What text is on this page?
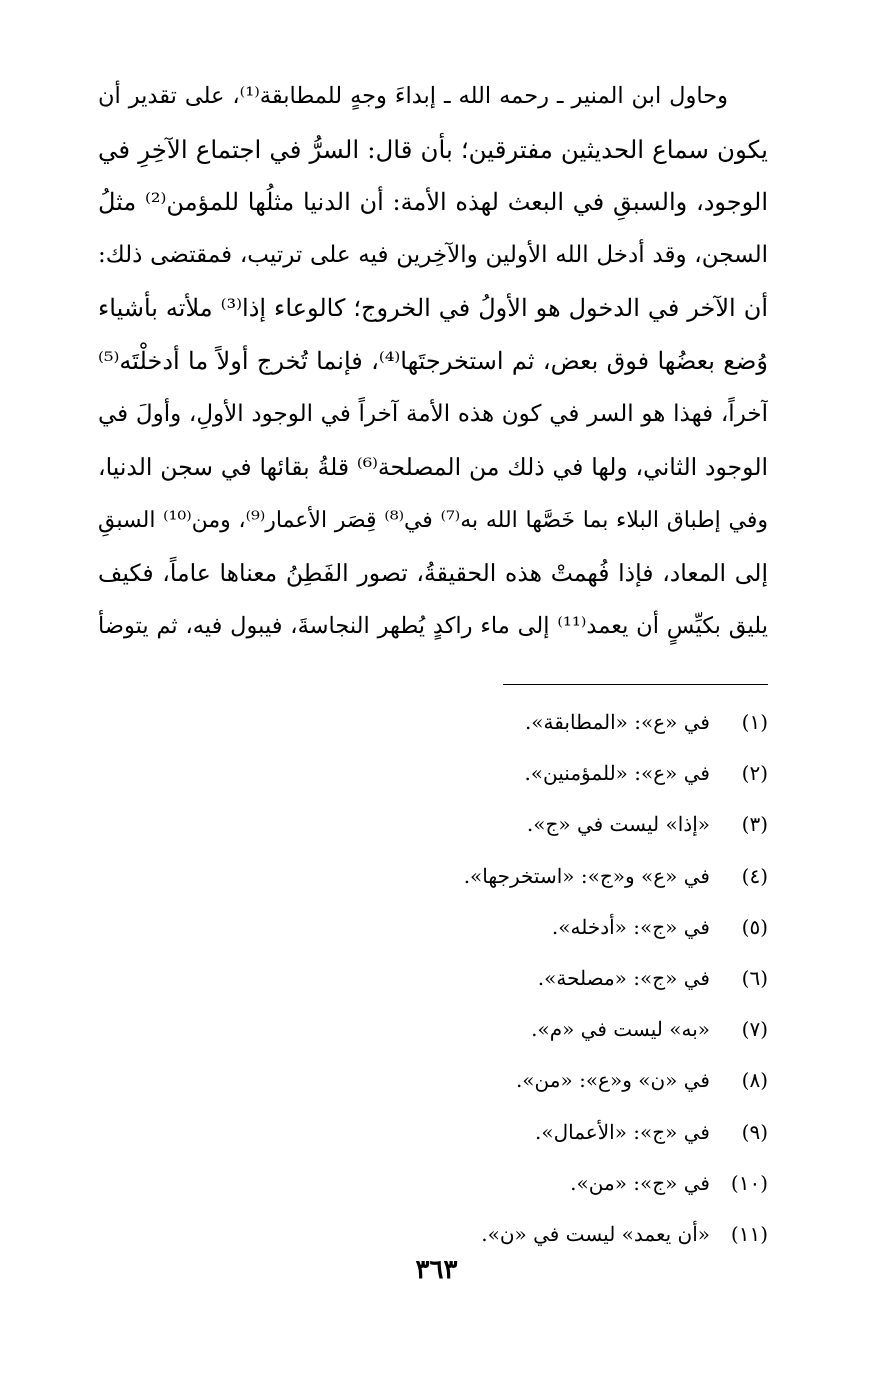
وحاول ابن المنير ـ رحمه الله ـ إبداءَ وجهٍ للمطابقة⁽¹⁾، على تقدير أن
يكون سماع الحديثين مفترقين؛ بأن قال: السرُّ في اجتماع الآخِرِ في
الوجود، والسبقِ في البعث لهذه الأمة: أن الدنيا مثلُها للمؤمن⁽²⁾ مثلُ
السجن، وقد أدخل الله الأولين والآخِرين فيه على ترتيب، فمقتضى ذلك:
أن الآخر في الدخول هو الأولُ في الخروج؛ كالوعاء إذا⁽³⁾ ملأته بأشياء
وُضع بعضُها فوق بعض، ثم استخرجتَها⁽⁴⁾، فإنما تُخرج أولاً ما أدخلْتَه⁽⁵⁾
آخراً، فهذا هو السر في كون هذه الأمة آخراً في الوجود الأولِ، وأولَ في
الوجود الثاني، ولها في ذلك من المصلحة⁽⁶⁾ قلةُ بقائها في سجن الدنيا،
وفي إطباق البلاء بما خَصَّها الله به⁽⁷⁾ في⁽⁸⁾ قِصَر الأعمار⁽⁹⁾، ومن⁽¹⁰⁾ السبقِ
إلى المعاد، فإذا فُهمتْ هذه الحقيقةُ، تصور الفَطِنُ معناها عاماً، فكيف
يليق بكيِّسٍ أن يعمد⁽¹¹⁾ إلى ماء راكدٍ يُطهر النجاسةَ، فيبول فيه، ثم يتوضأ
(١)في «ع»: «المطابقة».
(٢)في «ع»: «للمؤمنين».
(٣)«إذا» ليست في «ج».
(٤)في «ع» و«ج»: «استخرجها».
(٥)في «ج»: «أدخله».
(٦)في «ج»: «مصلحة».
(٧)«به» ليست في «م».
(٨)في «ن» و«ع»: «من».
(٩)في «ج»: «الأعمال».
(١٠)في «ج»: «من».
(١١)«أن يعمد» ليست في «ن».
٣٦٣
